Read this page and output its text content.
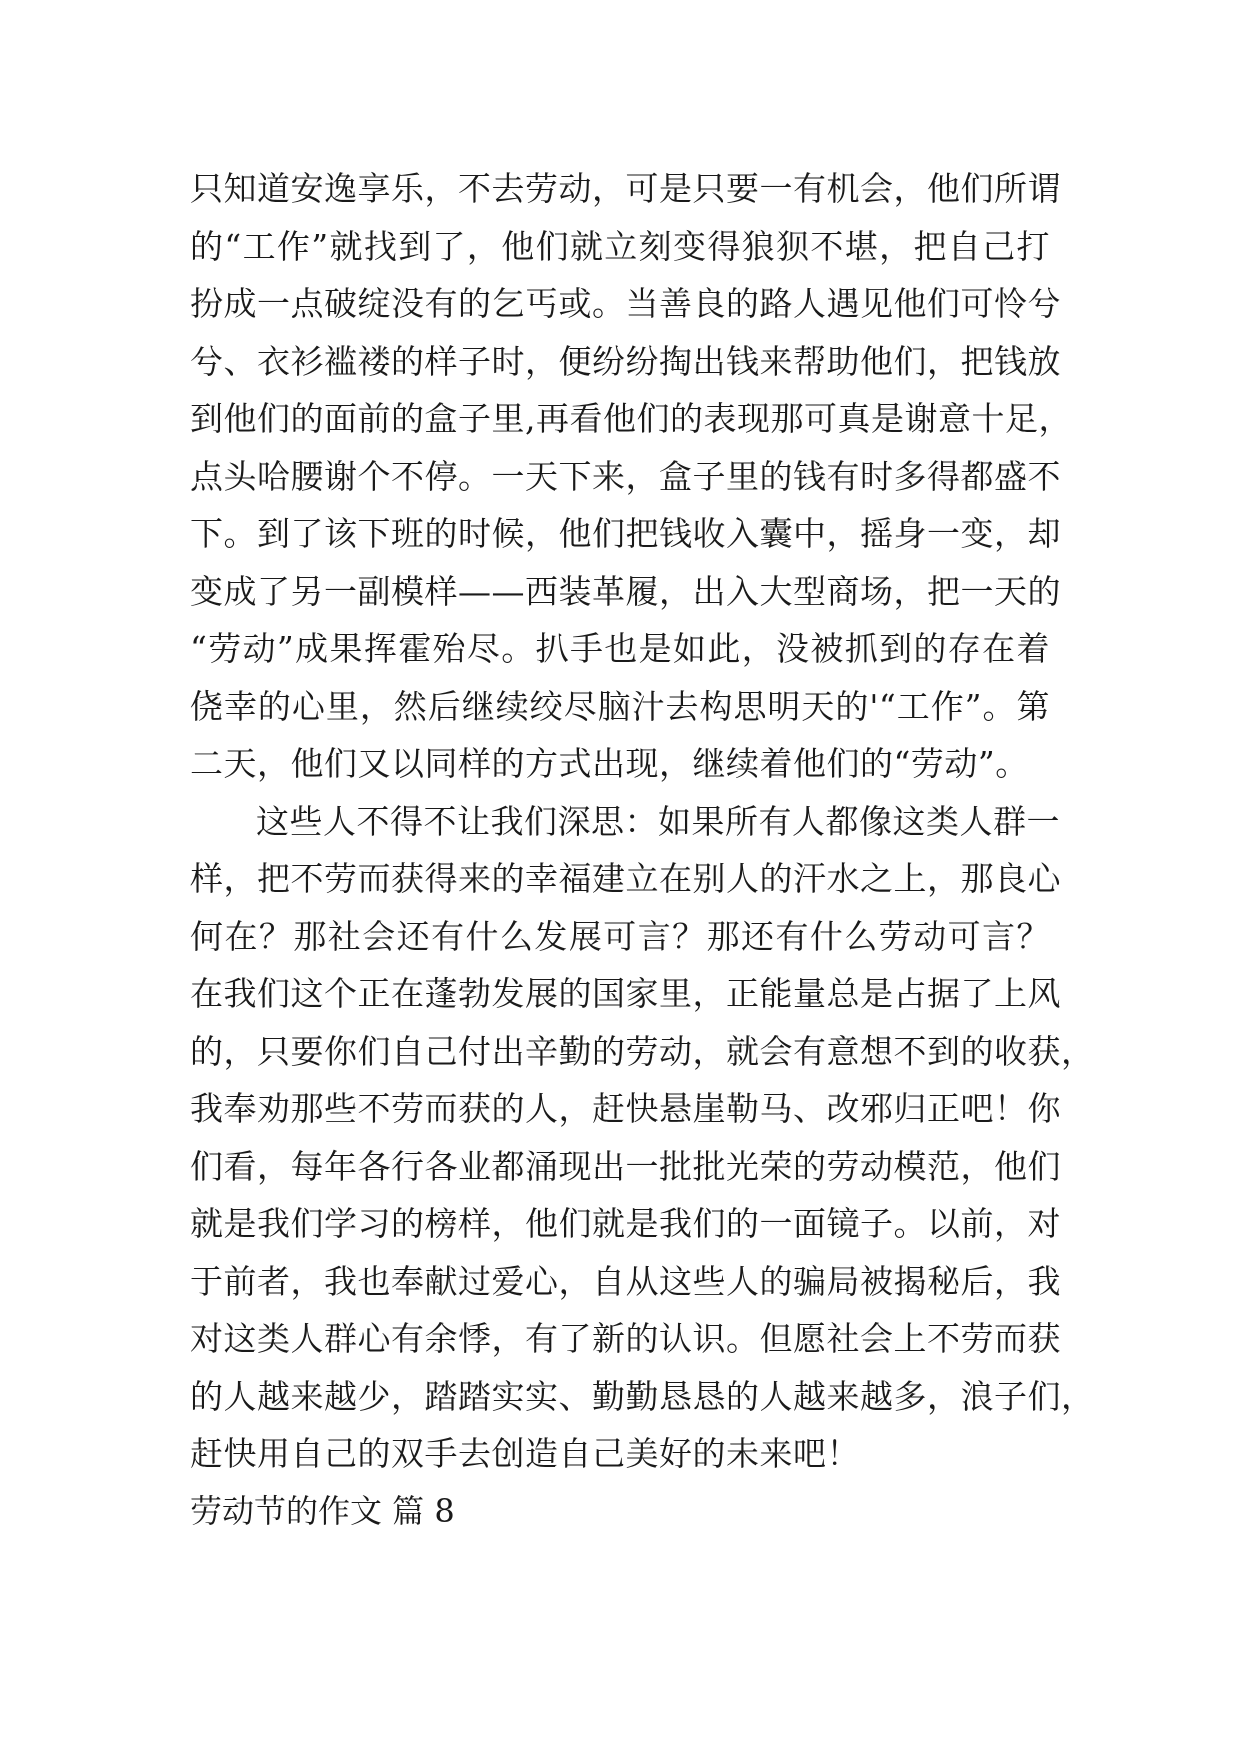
只知道安逸享乐，不去劳动，可是只要一有机会，他们所谓
的“工作”就找到了，他们就立刻变得狼狈不堪，把自己打
扮成一点破绽没有的乞丐或。当善良的路人遇见他们可怜兮
兮、衣衫褴褛的样子时，便纷纷掏出钱来帮助他们，把钱放
到他们的面前的盒子里,再看他们的表现那可真是谢意十足，
点头哈腰谢个不停。一天下来，盒子里的钱有时多得都盛不
下。到了该下班的时候，他们把钱收入囊中，摇身一变，却
变成了另一副模样——西装革履，出入大型商场，把一天的
“劳动”成果挥霍殆尽。扒手也是如此，没被抓到的存在着
侥幸的心里，然后继续绞尽脑汁去构思明天的'“工作”。第
二天，他们又以同样的方式出现，继续着他们的“劳动”。
这些人不得不让我们深思：如果所有人都像这类人群一
样，把不劳而获得来的幸福建立在别人的汗水之上，那良心
何在？那社会还有什么发展可言？那还有什么劳动可言？
在我们这个正在蓬勃发展的国家里，正能量总是占据了上风
的，只要你们自己付出辛勤的劳动，就会有意想不到的收获，
我奉劝那些不劳而获的人，赶快悬崖勒马、改邪归正吧！你
们看，每年各行各业都涌现出一批批光荣的劳动模范，他们
就是我们学习的榜样，他们就是我们的一面镜子。以前，对
于前者，我也奉献过爱心，自从这些人的骗局被揭秘后，我
对这类人群心有余悸，有了新的认识。但愿社会上不劳而获
的人越来越少，踏踏实实、勤勤恳恳的人越来越多，浪子们，
赶快用自己的双手去创造自己美好的未来吧！
劳动节的作文 篇 8
